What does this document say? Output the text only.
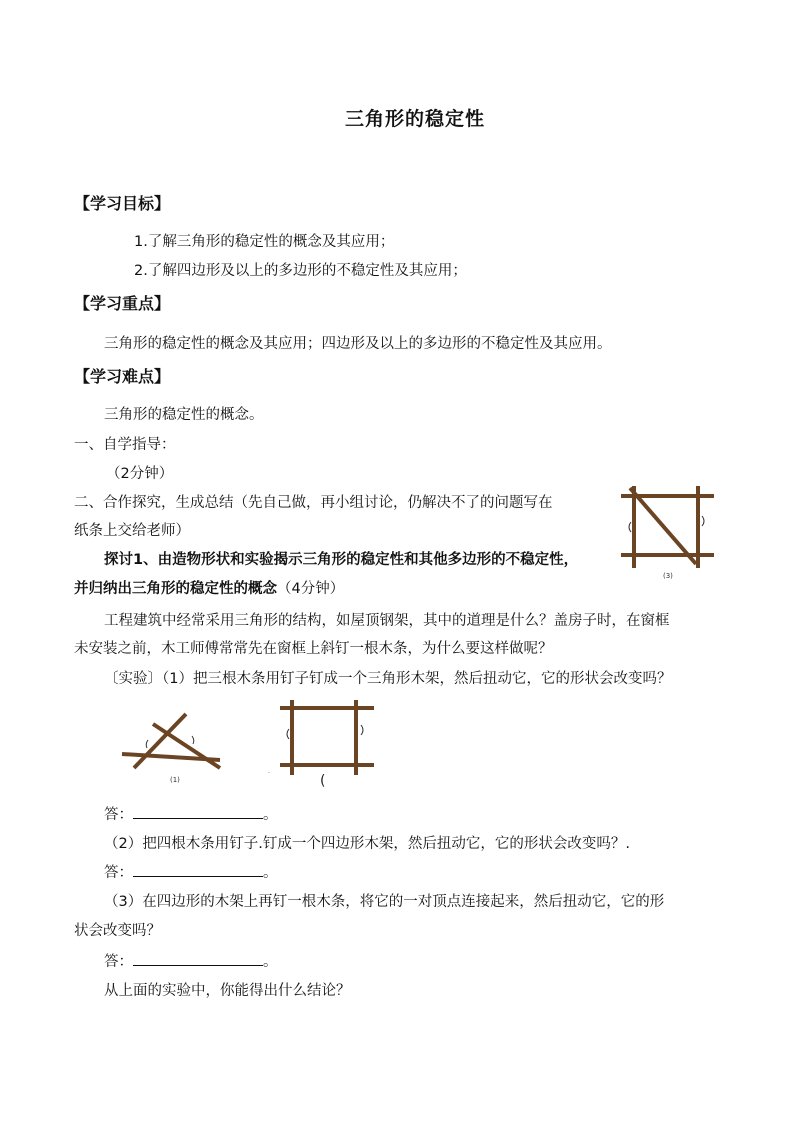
三角形的稳定性
【学习目标】
1.了解三角形的稳定性的概念及其应用；
2.了解四边形及以上的多边形的不稳定性及其应用；
【学习重点】
三角形的稳定性的概念及其应用；四边形及以上的多边形的不稳定性及其应用。
【学习难点】
三角形的稳定性的概念。
一、自学指导：
（2分钟）
二、合作探究，生成总结（先自己做，再小组讨论，仍解决不了的问题写在
纸条上交给老师）
探讨1、由造物形状和实验揭示三角形的稳定性和其他多边形的不稳定性，
并归纳出三角形的稳定性的概念（4分钟）
工程建筑中经常采用三角形的结构，如屋顶钢架，其中的道理是什么？盖房子时，在窗框
未安装之前，木工师傅常常先在窗框上斜钉一根木条，为什么要这样做呢？
〔实验〕（1）把三根木条用钉子钉成一个三角形木架，然后扭动它，它的形状会改变吗？
答：	。
（2）把四根木条用钉子.钉成一个四边形木架，然后扭动它，它的形状会改变吗？.
答：	。
（3）在四边形的木架上再钉一根木条，将它的一对顶点连接起来，然后扭动它，它的形
状会改变吗？
答：	。
从上面的实验中，你能得出什么结论？
(3)
(1)
.
(
